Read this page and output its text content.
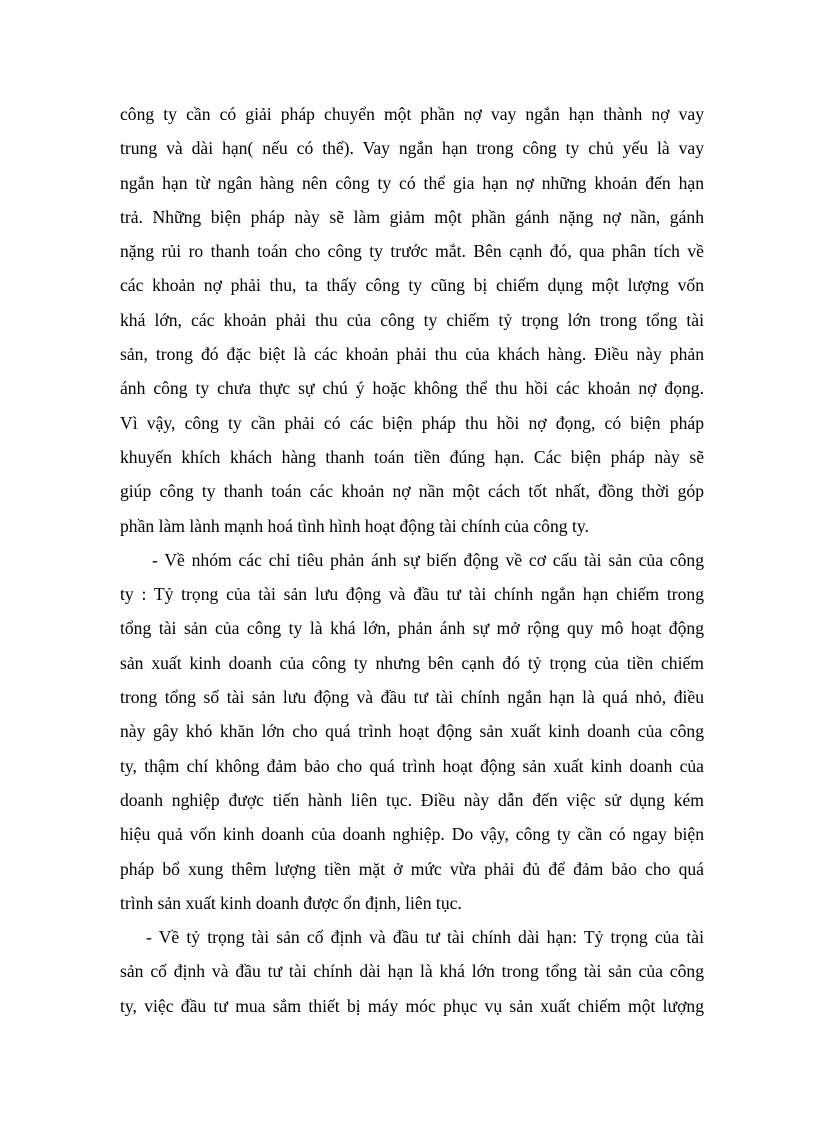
công ty cần có giải pháp chuyển một phần nợ vay ngắn hạn thành nợ vay
trung và dài hạn( nếu có thể). Vay ngắn hạn trong công ty chủ yếu là vay
ngắn hạn từ ngân hàng nên công ty có thể gia hạn nợ những khoản đến hạn
trả. Những biện pháp này sẽ làm giảm một phần gánh nặng nợ nần, gánh
nặng rủi ro thanh toán cho công ty trước mắt. Bên cạnh đó, qua phân tích về
các khoản nợ phải thu, ta thấy công ty cũng bị chiếm dụng một lượng vốn
khá lớn, các khoản phải thu của công ty chiếm tỷ trọng lớn trong tổng tài
sản, trong đó đặc biệt là các khoản phải thu của khách hàng. Điều này phản
ánh công ty chưa thực sự chú ý hoặc không thể thu hồi các khoản nợ đọng.
Vì vậy, công ty cần phải có các biện pháp thu hồi nợ đọng, có biện pháp
khuyến khích khách hàng thanh toán tiền đúng hạn. Các biện pháp này sẽ
giúp công ty thanh toán các khoản nợ nần một cách tốt nhất, đồng thời góp
phần làm lành mạnh hoá tình hình hoạt động tài chính của công ty.
- Về nhóm các chỉ tiêu phản ánh sự biến động về cơ cấu tài sản của công
ty : Tỷ trọng của tài sản lưu động và đầu tư tài chính ngắn hạn chiếm trong
tổng tài sản của công ty là khá lớn, phản ánh sự mở rộng quy mô hoạt động
sản xuất kinh doanh của công ty nhưng bên cạnh đó tỷ trọng của tiền chiếm
trong tổng số tài sản lưu động và đầu tư tài chính ngắn hạn là quá nhỏ, điều
này gây khó khăn lớn cho quá trình hoạt động sản xuất kinh doanh của công
ty, thậm chí không đảm bảo cho quá trình hoạt động sản xuất kinh doanh của
doanh nghiệp được tiến hành liên tục. Điều này dẫn đến việc sử dụng kém
hiệu quả vốn kinh doanh của doanh nghiệp. Do vậy, công ty cần có ngay biện
pháp bổ xung thêm lượng tiền mặt ở mức vừa phải đủ để đảm bảo cho quá
trình sản xuất kinh doanh được ổn định, liên tục.
- Về tỷ trọng tài sản cố định và đầu tư tài chính dài hạn: Tỷ trọng của tài
sản cố định và đầu tư tài chính dài hạn là khá lớn trong tổng tài sản của công
ty, việc đầu tư mua sắm thiết bị máy móc phục vụ sản xuất chiếm một lượng
